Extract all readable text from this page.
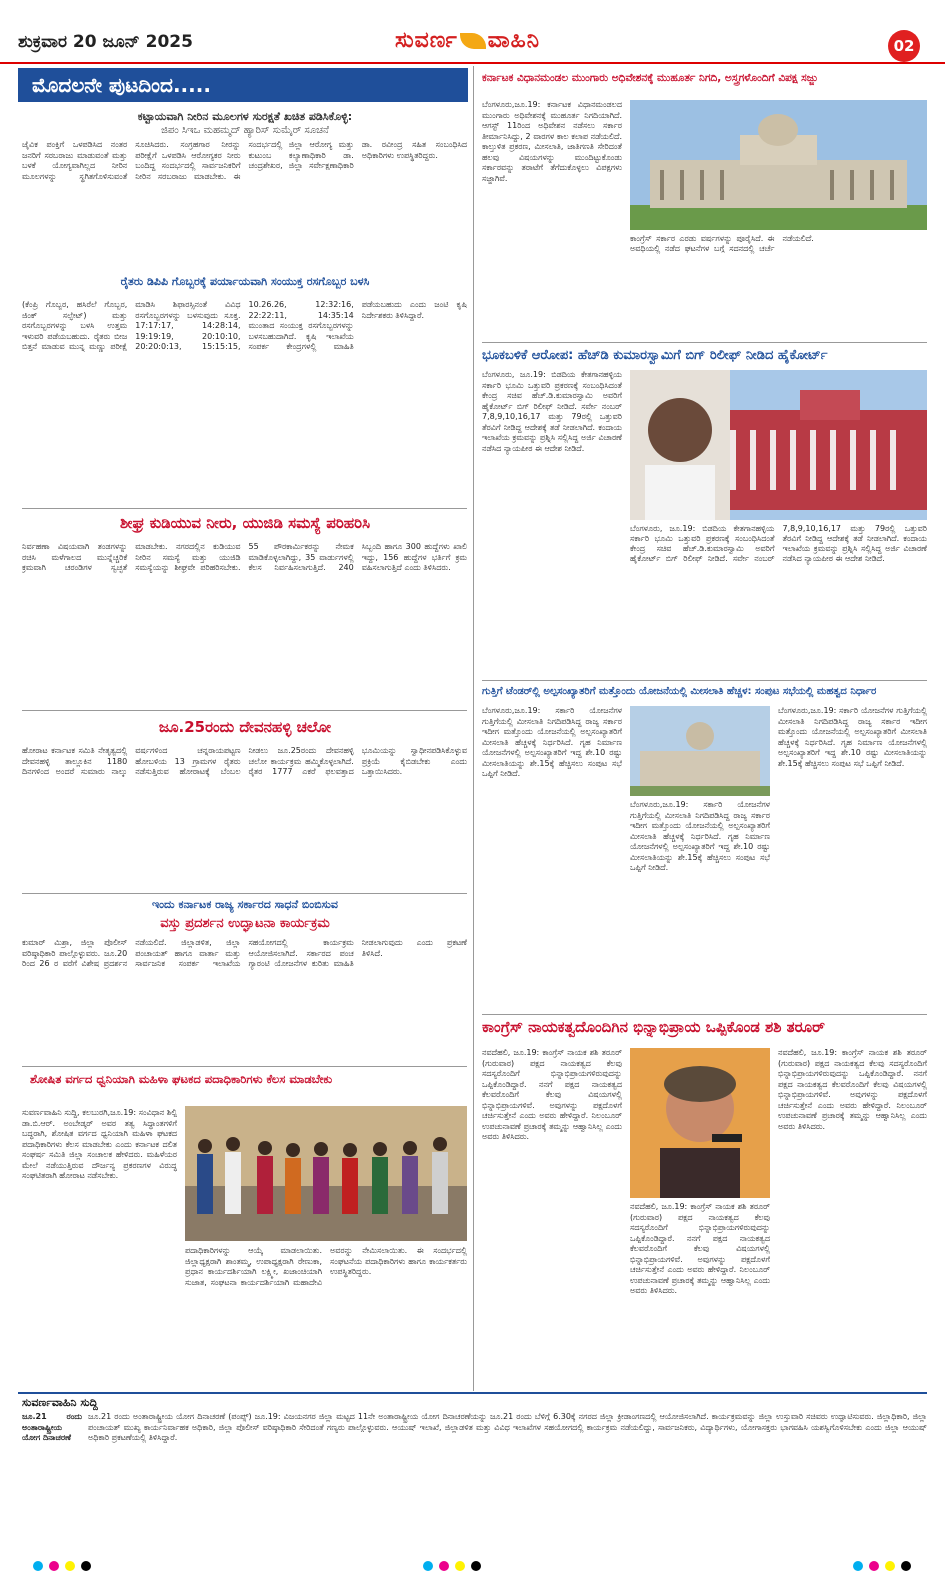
ಶುಕ್ರವಾರ 20 ಜೂನ್ 2025	ಸುವರ್ಣ ವಾಹಿನಿ	02
ಮೊದಲನೇ ಪುಟದಿಂದ.....
ಕಟ್ಟಾಯವಾಗಿ ನೀರಿನ ಮೂಲಗಳ ಸುರಕ್ಷತೆ ಖಚಿತ ಪಡಿಸಿಕೊಳ್ಳಿ:
ಜಿಪಂ ಸಿಇಒ ಮಹಮ್ಮದ್ ಹ್ಯಾರಿಸ್ ಸುಮೈರ್ ಸೂಚನೆ
ಜೈವಿಕ ಪಂಕ್ತಿಗೆ ಒಳಪಡಿಸಿದ ನಂತರ ಜನರಿಗೆ ಸರಬರಾಜು ಮಾಡುವಂತೆ ಮತ್ತು ಬಳಕೆ ಯೋಗ್ಯವಾಗಿಲ್ಲದ ನೀರಿನ ಮೂಲಗಳನ್ನು ಸ್ಥಗಿತಗೊಳಿಸುವಂತೆ ಸೂಚಿಸಿದರು. ಸಂಗ್ರಹಗಾರ ನೀರನ್ನು ಪರೀಕ್ಷೆಗೆ ಒಳಪಡಿಸಿ ಆರೋಗ್ಯಕರ ನೀರು ಬಂದಿದ್ದ ಸಂದರ್ಭದಲ್ಲಿ ಸಾರ್ವಜನಿಕರಿಗೆ ನೀರಿನ ಸರಬರಾಜು ಮಾಡಬೇಕು. ಈ ಸಂದರ್ಭದಲ್ಲಿ ಜಿಲ್ಲಾ ಆರೋಗ್ಯ ಮತ್ತು ಕುಟುಂಬ ಕಲ್ಯಾಣಾಧಿಕಾರಿ ಡಾ. ಚಂದ್ರಶೇಖರ, ಜಿಲ್ಲಾ ಸರ್ವೇಕ್ಷಣಾಧಿಕಾರಿ ಡಾ. ರವೀಂದ್ರ ಸಹಿತ ಸಂಬಂಧಿಸಿದ ಅಧಿಕಾರಿಗಳು ಉಪಸ್ಥಿತರಿದ್ದರು.
ರೈತರು ಡಿಪಿಪಿ ಗೊಬ್ಬರಕ್ಕೆ ಪರ್ಯಾಯವಾಗಿ ಸಂಯುಕ್ತ ರಸಗೊಬ್ಬರ ಬಳಸಿ
(ಕೆಂಪ್ರಿ ಗೊಬ್ಬರ, ಹಸಿರೆಲೆ ಗೊಬ್ಬರ, ಜಿಂಕ್ ಸಲ್ಫೇಟ್) ಮತ್ತು ರಸಗೊಬ್ಬರಗಳನ್ನು ಬಳಸಿ ಉತ್ತಮ ಇಳುವರಿ ಪಡೆಯಬಹುದು. ರೈತರು ಬೀಜ ಬಿತ್ತನೆ ಮಾಡುವ ಮುನ್ನ ಮಣ್ಣು ಪರೀಕ್ಷೆ ಮಾಡಿಸಿ ಶಿಫಾರಸ್ಸಿನಂತೆ ವಿವಿಧ ರಸಗೊಬ್ಬರಗಳನ್ನು ಬಳಸುವುದು ಸೂಕ್ತ. 17:17:17, 14:28:14, 19:19:19, 20:10:10, 20:20:0:13, 15:15:15, 10.26.26, 12:32:16, 22:22:11, 14:35:14 ಮುಂತಾದ ಸಂಯುಕ್ತ ರಸಗೊಬ್ಬರಗಳನ್ನು ಬಳಸಬಹುದಾಗಿದೆ. ಕೃಷಿ ಇಲಾಖೆಯ ಸಂಪರ್ಕ ಕೇಂದ್ರಗಳಲ್ಲಿ ಮಾಹಿತಿ ಪಡೆಯಬಹುದು ಎಂದು ಜಂಟಿ ಕೃಷಿ ನಿರ್ದೇಶಕರು ತಿಳಿಸಿದ್ದಾರೆ.
ಶೀಘ್ರ ಕುಡಿಯುವ ನೀರು, ಯುಜಿಡಿ ಸಮಸ್ಯೆ ಪರಿಹರಿಸಿ
ನಿರ್ವಹಣಾ ವಿಷಯವಾಗಿ ತಂಡಗಳನ್ನು ರಚಿಸಿ ಮಳೆಗಾಲದ ಮುನ್ನೆಚ್ಚರಿಕೆ ಕ್ರಮವಾಗಿ ಚರಂಡಿಗಳ ಸ್ವಚ್ಛತೆ ಮಾಡಬೇಕು. ನಗರದಲ್ಲಿನ ಕುಡಿಯುವ ನೀರಿನ ಸಮಸ್ಯೆ ಮತ್ತು ಯುಜಿಡಿ ಸಮಸ್ಯೆಯನ್ನು ಶೀಘ್ರವೇ ಪರಿಹರಿಸಬೇಕು. 55 ಪೌರಕಾರ್ಮಿಕರನ್ನು ನೇಮಕ ಮಾಡಿಕೊಳ್ಳಲಾಗಿದ್ದು, 35 ವಾರ್ಡುಗಳಲ್ಲಿ ಕೆಲಸ ನಿರ್ವಹಿಸಲಾಗುತ್ತಿದೆ. 240 ಸಿಬ್ಬಂದಿ ಹಾಗೂ 300 ಹುದ್ದೆಗಳು ಖಾಲಿ ಇದ್ದು, 156 ಹುದ್ದೆಗಳ ಭರ್ತಿಗೆ ಕ್ರಮ ವಹಿಸಲಾಗುತ್ತಿದೆ ಎಂದು ತಿಳಿಸಿದರು.
ಜೂ.25ರಂದು ದೇವನಹಳ್ಳಿ ಚಲೋ
ಹೋರಾಟ ಕರ್ನಾಟಕ ಸಮಿತಿ ನೇತೃತ್ವದಲ್ಲಿ ದೇವನಹಳ್ಳಿ ತಾಲ್ಲೂಕಿನ 1180 ದಿನಗಳಿಂದ ಅಂದರೆ ಸುಮಾರು ನಾಲ್ಕು ವರ್ಷಗಳಿಂದ ಚನ್ನರಾಯಪಟ್ಟಣ ಹೋಬಳಿಯ 13 ಗ್ರಾಮಗಳ ರೈತರು ನಡೆಸುತ್ತಿರುವ ಹೋರಾಟಕ್ಕೆ ಬೆಂಬಲ ನೀಡಲು ಜೂ.25ರಂದು ದೇವನಹಳ್ಳಿ ಚಲೋ ಕಾರ್ಯಕ್ರಮ ಹಮ್ಮಿಕೊಳ್ಳಲಾಗಿದೆ. ರೈತರ 1777 ಎಕರೆ ಫಲವತ್ತಾದ ಭೂಮಿಯನ್ನು ಸ್ವಾಧೀನಪಡಿಸಿಕೊಳ್ಳುವ ಪ್ರಕ್ರಿಯೆ ಕೈಬಿಡಬೇಕು ಎಂದು ಒತ್ತಾಯಿಸಿದರು.
ಇಂದು ಕರ್ನಾಟಕ ರಾಜ್ಯ ಸರ್ಕಾರದ ಸಾಧನೆ ಬಿಂಬಿಸುವ
ವಸ್ತು ಪ್ರದರ್ಶನ ಉದ್ಘಾಟನಾ ಕಾರ್ಯಕ್ರಮ
ಕುಮಾರ್ ಮಿಶ್ರಾ, ಜಿಲ್ಲಾ ಪೊಲೀಸ್ ವರಿಷ್ಠಾಧಿಕಾರಿ ಪಾಲ್ಗೊಳ್ಳುವರು. ಜೂ.20 ರಿಂದ 26 ರ ವರೆಗೆ ವಿಶೇಷ ಪ್ರದರ್ಶನ ನಡೆಯಲಿದೆ. ಜಿಲ್ಲಾಡಳಿತ, ಜಿಲ್ಲಾ ಪಂಚಾಯತ್ ಹಾಗೂ ವಾರ್ತಾ ಮತ್ತು ಸಾರ್ವಜನಿಕ ಸಂಪರ್ಕ ಇಲಾಖೆಯ ಸಹಯೋಗದಲ್ಲಿ ಕಾರ್ಯಕ್ರಮ ಆಯೋಜಿಸಲಾಗಿದೆ. ಸರ್ಕಾರದ ಪಂಚ ಗ್ಯಾರಂಟಿ ಯೋಜನೆಗಳ ಕುರಿತು ಮಾಹಿತಿ ನೀಡಲಾಗುವುದು ಎಂದು ಪ್ರಕಟಣೆ ತಿಳಿಸಿದೆ.
ಶೋಷಿತ ವರ್ಗದ ಧ್ವನಿಯಾಗಿ ಮಹಿಳಾ ಘಟಕದ ಪದಾಧಿಕಾರಿಗಳು ಕೆಲಸ ಮಾಡಬೇಕು
ಸುವರ್ಣವಾಹಿನಿ ಸುದ್ದಿ, ಕಲಬುರಗಿ,ಜೂ.19: ಸಂವಿಧಾನ ಶಿಲ್ಪಿ ಡಾ.ಬಿ.ಆರ್. ಅಂಬೇಡ್ಕರ್ ಅವರ ತತ್ವ ಸಿದ್ಧಾಂತಗಳಿಗೆ ಬದ್ಧರಾಗಿ, ಶೋಷಿತ ವರ್ಗದ ಧ್ವನಿಯಾಗಿ ಮಹಿಳಾ ಘಟಕದ ಪದಾಧಿಕಾರಿಗಳು ಕೆಲಸ ಮಾಡಬೇಕು ಎಂದು ಕರ್ನಾಟಕ ದಲಿತ ಸಂಘರ್ಷ ಸಮಿತಿ ಜಿಲ್ಲಾ ಸಂಚಾಲಕ ಹೇಳಿದರು. ಮಹಿಳೆಯರ ಮೇಲೆ ನಡೆಯುತ್ತಿರುವ ದೌರ್ಜನ್ಯ ಪ್ರಕರಣಗಳ ವಿರುದ್ಧ ಸಂಘಟಿತರಾಗಿ ಹೋರಾಟ ನಡೆಸಬೇಕು.
ಪದಾಧಿಕಾರಿಗಳನ್ನು ಆಯ್ಕೆ ಮಾಡಲಾಯಿತು. ಜಿಲ್ಲಾಧ್ಯಕ್ಷರಾಗಿ ಶಾಂತಮ್ಮ, ಉಪಾಧ್ಯಕ್ಷರಾಗಿ ರೇಣುಕಾ, ಪ್ರಧಾನ ಕಾರ್ಯದರ್ಶಿಯಾಗಿ ಲಕ್ಷ್ಮೀ, ಖಜಾಂಚಿಯಾಗಿ ಸುಜಾತ, ಸಂಘಟನಾ ಕಾರ್ಯದರ್ಶಿಯಾಗಿ ಮಹಾದೇವಿ ಅವರನ್ನು ನೇಮಿಸಲಾಯಿತು. ಈ ಸಂದರ್ಭದಲ್ಲಿ ಸಂಘಟನೆಯ ಪದಾಧಿಕಾರಿಗಳು ಹಾಗೂ ಕಾರ್ಯಕರ್ತರು ಉಪಸ್ಥಿತರಿದ್ದರು.
ಕರ್ನಾಟಕ ವಿಧಾನಮಂಡಲ ಮುಂಗಾರು ಅಧಿವೇಶನಕ್ಕೆ ಮುಹೂರ್ತ ನಿಗದಿ, ಅಸ್ತ್ರಗಳೊಂದಿಗೆ ವಿಪಕ್ಷ ಸಜ್ಜು
ಬೆಂಗಳೂರು,ಜೂ.19: ಕರ್ನಾಟಕ ವಿಧಾನಮಂಡಲದ ಮುಂಗಾರು ಅಧಿವೇಶನಕ್ಕೆ ಮುಹೂರ್ತ ನಿಗದಿಯಾಗಿದೆ. ಆಗಸ್ಟ್ 11ರಿಂದ ಅಧಿವೇಶನ ನಡೆಸಲು ಸರ್ಕಾರ ತೀರ್ಮಾನಿಸಿದ್ದು, 2 ವಾರಗಳ ಕಾಲ ಕಲಾಪ ನಡೆಯಲಿದೆ. ಕಾಲ್ತುಳಿತ ಪ್ರಕರಣ, ಮೀಸಲಾತಿ, ಜಾತಿಗಣತಿ ಸೇರಿದಂತೆ ಹಲವು ವಿಷಯಗಳನ್ನು ಮುಂದಿಟ್ಟುಕೊಂಡು ಸರ್ಕಾರವನ್ನು ತರಾಟೆಗೆ ತೆಗೆದುಕೊಳ್ಳಲು ವಿಪಕ್ಷಗಳು ಸಜ್ಜಾಗಿವೆ.
ಕಾಂಗ್ರೆಸ್ ಸರ್ಕಾರ ಎರಡು ವರ್ಷಗಳನ್ನು ಪೂರೈಸಿದೆ. ಈ ಅವಧಿಯಲ್ಲಿ ನಡೆದ ಘಟನೆಗಳ ಬಗ್ಗೆ ಸದನದಲ್ಲಿ ಚರ್ಚೆ ನಡೆಯಲಿದೆ.
ಭೂಕಬಳಿಕೆ ಆರೋಪ: ಹೆಚ್‌ಡಿ ಕುಮಾರಸ್ವಾಮಿಗೆ ಬಿಗ್ ರಿಲೀಫ್ ನೀಡಿದ ಹೈಕೋರ್ಟ್
ಬೆಂಗಳೂರು, ಜೂ.19: ಬಿಡದಿಯ ಕೇತಗಾನಹಳ್ಳಿಯ ಸರ್ಕಾರಿ ಭೂಮಿ ಒತ್ತುವರಿ ಪ್ರಕರಣಕ್ಕೆ ಸಂಬಂಧಿಸಿದಂತೆ ಕೇಂದ್ರ ಸಚಿವ ಹೆಚ್.ಡಿ.ಕುಮಾರಸ್ವಾಮಿ ಅವರಿಗೆ ಹೈಕೋರ್ಟ್ ಬಿಗ್ ರಿಲೀಫ್ ನೀಡಿದೆ. ಸರ್ವೇ ನಂಬರ್ 7,8,9,10,16,17 ಮತ್ತು 79ರಲ್ಲಿ ಒತ್ತುವರಿ ತೆರವಿಗೆ ನೀಡಿದ್ದ ಆದೇಶಕ್ಕೆ ತಡೆ ನೀಡಲಾಗಿದೆ. ಕಂದಾಯ ಇಲಾಖೆಯ ಕ್ರಮವನ್ನು ಪ್ರಶ್ನಿಸಿ ಸಲ್ಲಿಸಿದ್ದ ಅರ್ಜಿ ವಿಚಾರಣೆ ನಡೆಸಿದ ನ್ಯಾಯಪೀಠ ಈ ಆದೇಶ ನೀಡಿದೆ.
ಬೆಂಗಳೂರು, ಜೂ.19: ಬಿಡದಿಯ ಕೇತಗಾನಹಳ್ಳಿಯ ಸರ್ಕಾರಿ ಭೂಮಿ ಒತ್ತುವರಿ ಪ್ರಕರಣಕ್ಕೆ ಸಂಬಂಧಿಸಿದಂತೆ ಕೇಂದ್ರ ಸಚಿವ ಹೆಚ್.ಡಿ.ಕುಮಾರಸ್ವಾಮಿ ಅವರಿಗೆ ಹೈಕೋರ್ಟ್ ಬಿಗ್ ರಿಲೀಫ್ ನೀಡಿದೆ. ಸರ್ವೇ ನಂಬರ್ 7,8,9,10,16,17 ಮತ್ತು 79ರಲ್ಲಿ ಒತ್ತುವರಿ ತೆರವಿಗೆ ನೀಡಿದ್ದ ಆದೇಶಕ್ಕೆ ತಡೆ ನೀಡಲಾಗಿದೆ. ಕಂದಾಯ ಇಲಾಖೆಯ ಕ್ರಮವನ್ನು ಪ್ರಶ್ನಿಸಿ ಸಲ್ಲಿಸಿದ್ದ ಅರ್ಜಿ ವಿಚಾರಣೆ ನಡೆಸಿದ ನ್ಯಾಯಪೀಠ ಈ ಆದೇಶ ನೀಡಿದೆ.
ಗುತ್ತಿಗೆ ಟೆಂಡರ್‌ಲ್ಲಿ ಅಲ್ಪಸಂಖ್ಯಾತರಿಗೆ ಮತ್ತೊಂದು ಯೋಜನೆಯಲ್ಲಿ ಮೀಸಲಾತಿ ಹೆಚ್ಚಳ: ಸಂಪುಟ ಸಭೆಯಲ್ಲಿ ಮಹತ್ವದ ನಿರ್ಧಾರ
ಬೆಂಗಳೂರು,ಜೂ.19: ಸರ್ಕಾರಿ ಯೋಜನೆಗಳ ಗುತ್ತಿಗೆಯಲ್ಲಿ ಮೀಸಲಾತಿ ನಿಗದಿಪಡಿಸಿದ್ದ ರಾಜ್ಯ ಸರ್ಕಾರ ಇದೀಗ ಮತ್ತೊಂದು ಯೋಜನೆಯಲ್ಲಿ ಅಲ್ಪಸಂಖ್ಯಾತರಿಗೆ ಮೀಸಲಾತಿ ಹೆಚ್ಚಳಕ್ಕೆ ನಿರ್ಧರಿಸಿದೆ. ಗೃಹ ನಿರ್ಮಾಣ ಯೋಜನೆಗಳಲ್ಲಿ ಅಲ್ಪಸಂಖ್ಯಾತರಿಗೆ ಇದ್ದ ಶೇ.10 ರಷ್ಟು ಮೀಸಲಾತಿಯನ್ನು ಶೇ.15ಕ್ಕೆ ಹೆಚ್ಚಿಸಲು ಸಂಪುಟ ಸಭೆ ಒಪ್ಪಿಗೆ ನೀಡಿದೆ.
ಬೆಂಗಳೂರು,ಜೂ.19: ಸರ್ಕಾರಿ ಯೋಜನೆಗಳ ಗುತ್ತಿಗೆಯಲ್ಲಿ ಮೀಸಲಾತಿ ನಿಗದಿಪಡಿಸಿದ್ದ ರಾಜ್ಯ ಸರ್ಕಾರ ಇದೀಗ ಮತ್ತೊಂದು ಯೋಜನೆಯಲ್ಲಿ ಅಲ್ಪಸಂಖ್ಯಾತರಿಗೆ ಮೀಸಲಾತಿ ಹೆಚ್ಚಳಕ್ಕೆ ನಿರ್ಧರಿಸಿದೆ. ಗೃಹ ನಿರ್ಮಾಣ ಯೋಜನೆಗಳಲ್ಲಿ ಅಲ್ಪಸಂಖ್ಯಾತರಿಗೆ ಇದ್ದ ಶೇ.10 ರಷ್ಟು ಮೀಸಲಾತಿಯನ್ನು ಶೇ.15ಕ್ಕೆ ಹೆಚ್ಚಿಸಲು ಸಂಪುಟ ಸಭೆ ಒಪ್ಪಿಗೆ ನೀಡಿದೆ.
ಬೆಂಗಳೂರು,ಜೂ.19: ಸರ್ಕಾರಿ ಯೋಜನೆಗಳ ಗುತ್ತಿಗೆಯಲ್ಲಿ ಮೀಸಲಾತಿ ನಿಗದಿಪಡಿಸಿದ್ದ ರಾಜ್ಯ ಸರ್ಕಾರ ಇದೀಗ ಮತ್ತೊಂದು ಯೋಜನೆಯಲ್ಲಿ ಅಲ್ಪಸಂಖ್ಯಾತರಿಗೆ ಮೀಸಲಾತಿ ಹೆಚ್ಚಳಕ್ಕೆ ನಿರ್ಧರಿಸಿದೆ. ಗೃಹ ನಿರ್ಮಾಣ ಯೋಜನೆಗಳಲ್ಲಿ ಅಲ್ಪಸಂಖ್ಯಾತರಿಗೆ ಇದ್ದ ಶೇ.10 ರಷ್ಟು ಮೀಸಲಾತಿಯನ್ನು ಶೇ.15ಕ್ಕೆ ಹೆಚ್ಚಿಸಲು ಸಂಪುಟ ಸಭೆ ಒಪ್ಪಿಗೆ ನೀಡಿದೆ.
ಕಾಂಗ್ರೆಸ್ ನಾಯಕತ್ವದೊಂದಿಗಿನ ಭಿನ್ನಾಭಿಪ್ರಾಯ ಒಪ್ಪಿಕೊಂಡ ಶಶಿ ತರೂರ್
ನವದೆಹಲಿ, ಜೂ.19: ಕಾಂಗ್ರೆಸ್ ನಾಯಕ ಶಶಿ ತರೂರ್ (ಗುರುವಾರ) ಪಕ್ಷದ ನಾಯಕತ್ವದ ಕೆಲವು ಸದಸ್ಯರೊಂದಿಗೆ ಭಿನ್ನಾಭಿಪ್ರಾಯಗಳಿರುವುದನ್ನು ಒಪ್ಪಿಕೊಂಡಿದ್ದಾರೆ. ನನಗೆ ಪಕ್ಷದ ನಾಯಕತ್ವದ ಕೆಲವರೊಂದಿಗೆ ಕೆಲವು ವಿಷಯಗಳಲ್ಲಿ ಭಿನ್ನಾಭಿಪ್ರಾಯಗಳಿವೆ. ಅವುಗಳನ್ನು ಪಕ್ಷದೊಳಗೆ ಚರ್ಚಿಸುತ್ತೇನೆ ಎಂದು ಅವರು ಹೇಳಿದ್ದಾರೆ. ನಿಲಂಬೂರ್ ಉಪಚುನಾವಣೆ ಪ್ರಚಾರಕ್ಕೆ ತಮ್ಮನ್ನು ಆಹ್ವಾನಿಸಿಲ್ಲ ಎಂದು ಅವರು ತಿಳಿಸಿದರು.
ನವದೆಹಲಿ, ಜೂ.19: ಕಾಂಗ್ರೆಸ್ ನಾಯಕ ಶಶಿ ತರೂರ್ (ಗುರುವಾರ) ಪಕ್ಷದ ನಾಯಕತ್ವದ ಕೆಲವು ಸದಸ್ಯರೊಂದಿಗೆ ಭಿನ್ನಾಭಿಪ್ರಾಯಗಳಿರುವುದನ್ನು ಒಪ್ಪಿಕೊಂಡಿದ್ದಾರೆ. ನನಗೆ ಪಕ್ಷದ ನಾಯಕತ್ವದ ಕೆಲವರೊಂದಿಗೆ ಕೆಲವು ವಿಷಯಗಳಲ್ಲಿ ಭಿನ್ನಾಭಿಪ್ರಾಯಗಳಿವೆ. ಅವುಗಳನ್ನು ಪಕ್ಷದೊಳಗೆ ಚರ್ಚಿಸುತ್ತೇನೆ ಎಂದು ಅವರು ಹೇಳಿದ್ದಾರೆ. ನಿಲಂಬೂರ್ ಉಪಚುನಾವಣೆ ಪ್ರಚಾರಕ್ಕೆ ತಮ್ಮನ್ನು ಆಹ್ವಾನಿಸಿಲ್ಲ ಎಂದು ಅವರು ತಿಳಿಸಿದರು.
ನವದೆಹಲಿ, ಜೂ.19: ಕಾಂಗ್ರೆಸ್ ನಾಯಕ ಶಶಿ ತರೂರ್ (ಗುರುವಾರ) ಪಕ್ಷದ ನಾಯಕತ್ವದ ಕೆಲವು ಸದಸ್ಯರೊಂದಿಗೆ ಭಿನ್ನಾಭಿಪ್ರಾಯಗಳಿರುವುದನ್ನು ಒಪ್ಪಿಕೊಂಡಿದ್ದಾರೆ. ನನಗೆ ಪಕ್ಷದ ನಾಯಕತ್ವದ ಕೆಲವರೊಂದಿಗೆ ಕೆಲವು ವಿಷಯಗಳಲ್ಲಿ ಭಿನ್ನಾಭಿಪ್ರಾಯಗಳಿವೆ. ಅವುಗಳನ್ನು ಪಕ್ಷದೊಳಗೆ ಚರ್ಚಿಸುತ್ತೇನೆ ಎಂದು ಅವರು ಹೇಳಿದ್ದಾರೆ. ನಿಲಂಬೂರ್ ಉಪಚುನಾವಣೆ ಪ್ರಚಾರಕ್ಕೆ ತಮ್ಮನ್ನು ಆಹ್ವಾನಿಸಿಲ್ಲ ಎಂದು ಅವರು ತಿಳಿಸಿದರು.
ಸುವರ್ಣವಾಹಿನಿ ಸುದ್ದಿ
ಜೂ.21 ರಂದು ಅಂತಾರಾಷ್ಟ್ರೀಯ ಯೋಗ ದಿನಾಚರಣೆ
ಜೂ.21 ರಂದು ಅಂತಾರಾಷ್ಟ್ರೀಯ ಯೋಗ ದಿನಾಚರಣೆ (ಪಂಪ್ಸ್) ಜೂ.19: ವಿಜಯನಗರ ಜಿಲ್ಲಾ ಮಟ್ಟದ 11ನೇ ಅಂತಾರಾಷ್ಟ್ರೀಯ ಯೋಗ ದಿನಾಚರಣೆಯನ್ನು ಜೂ.21 ರಂದು ಬೆಳಿಗ್ಗೆ 6.30ಕ್ಕೆ ನಗರದ ಜಿಲ್ಲಾ ಕ್ರೀಡಾಂಗಣದಲ್ಲಿ ಆಯೋಜಿಸಲಾಗಿದೆ. ಕಾರ್ಯಕ್ರಮವನ್ನು ಜಿಲ್ಲಾ ಉಸ್ತುವಾರಿ ಸಚಿವರು ಉದ್ಘಾಟಿಸುವರು. ಜಿಲ್ಲಾಧಿಕಾರಿ, ಜಿಲ್ಲಾ ಪಂಚಾಯತ್ ಮುಖ್ಯ ಕಾರ್ಯನಿರ್ವಾಹಕ ಅಧಿಕಾರಿ, ಜಿಲ್ಲಾ ಪೊಲೀಸ್ ವರಿಷ್ಠಾಧಿಕಾರಿ ಸೇರಿದಂತೆ ಗಣ್ಯರು ಪಾಲ್ಗೊಳ್ಳುವರು. ಆಯುಷ್ ಇಲಾಖೆ, ಜಿಲ್ಲಾಡಳಿತ ಮತ್ತು ವಿವಿಧ ಇಲಾಖೆಗಳ ಸಹಯೋಗದಲ್ಲಿ ಕಾರ್ಯಕ್ರಮ ನಡೆಯಲಿದ್ದು, ಸಾರ್ವಜನಿಕರು, ವಿದ್ಯಾರ್ಥಿಗಳು, ಯೋಗಾಸಕ್ತರು ಭಾಗವಹಿಸಿ ಯಶಸ್ವಿಗೊಳಿಸಬೇಕು ಎಂದು ಜಿಲ್ಲಾ ಆಯುಷ್ ಅಧಿಕಾರಿ ಪ್ರಕಟಣೆಯಲ್ಲಿ ತಿಳಿಸಿದ್ದಾರೆ.
